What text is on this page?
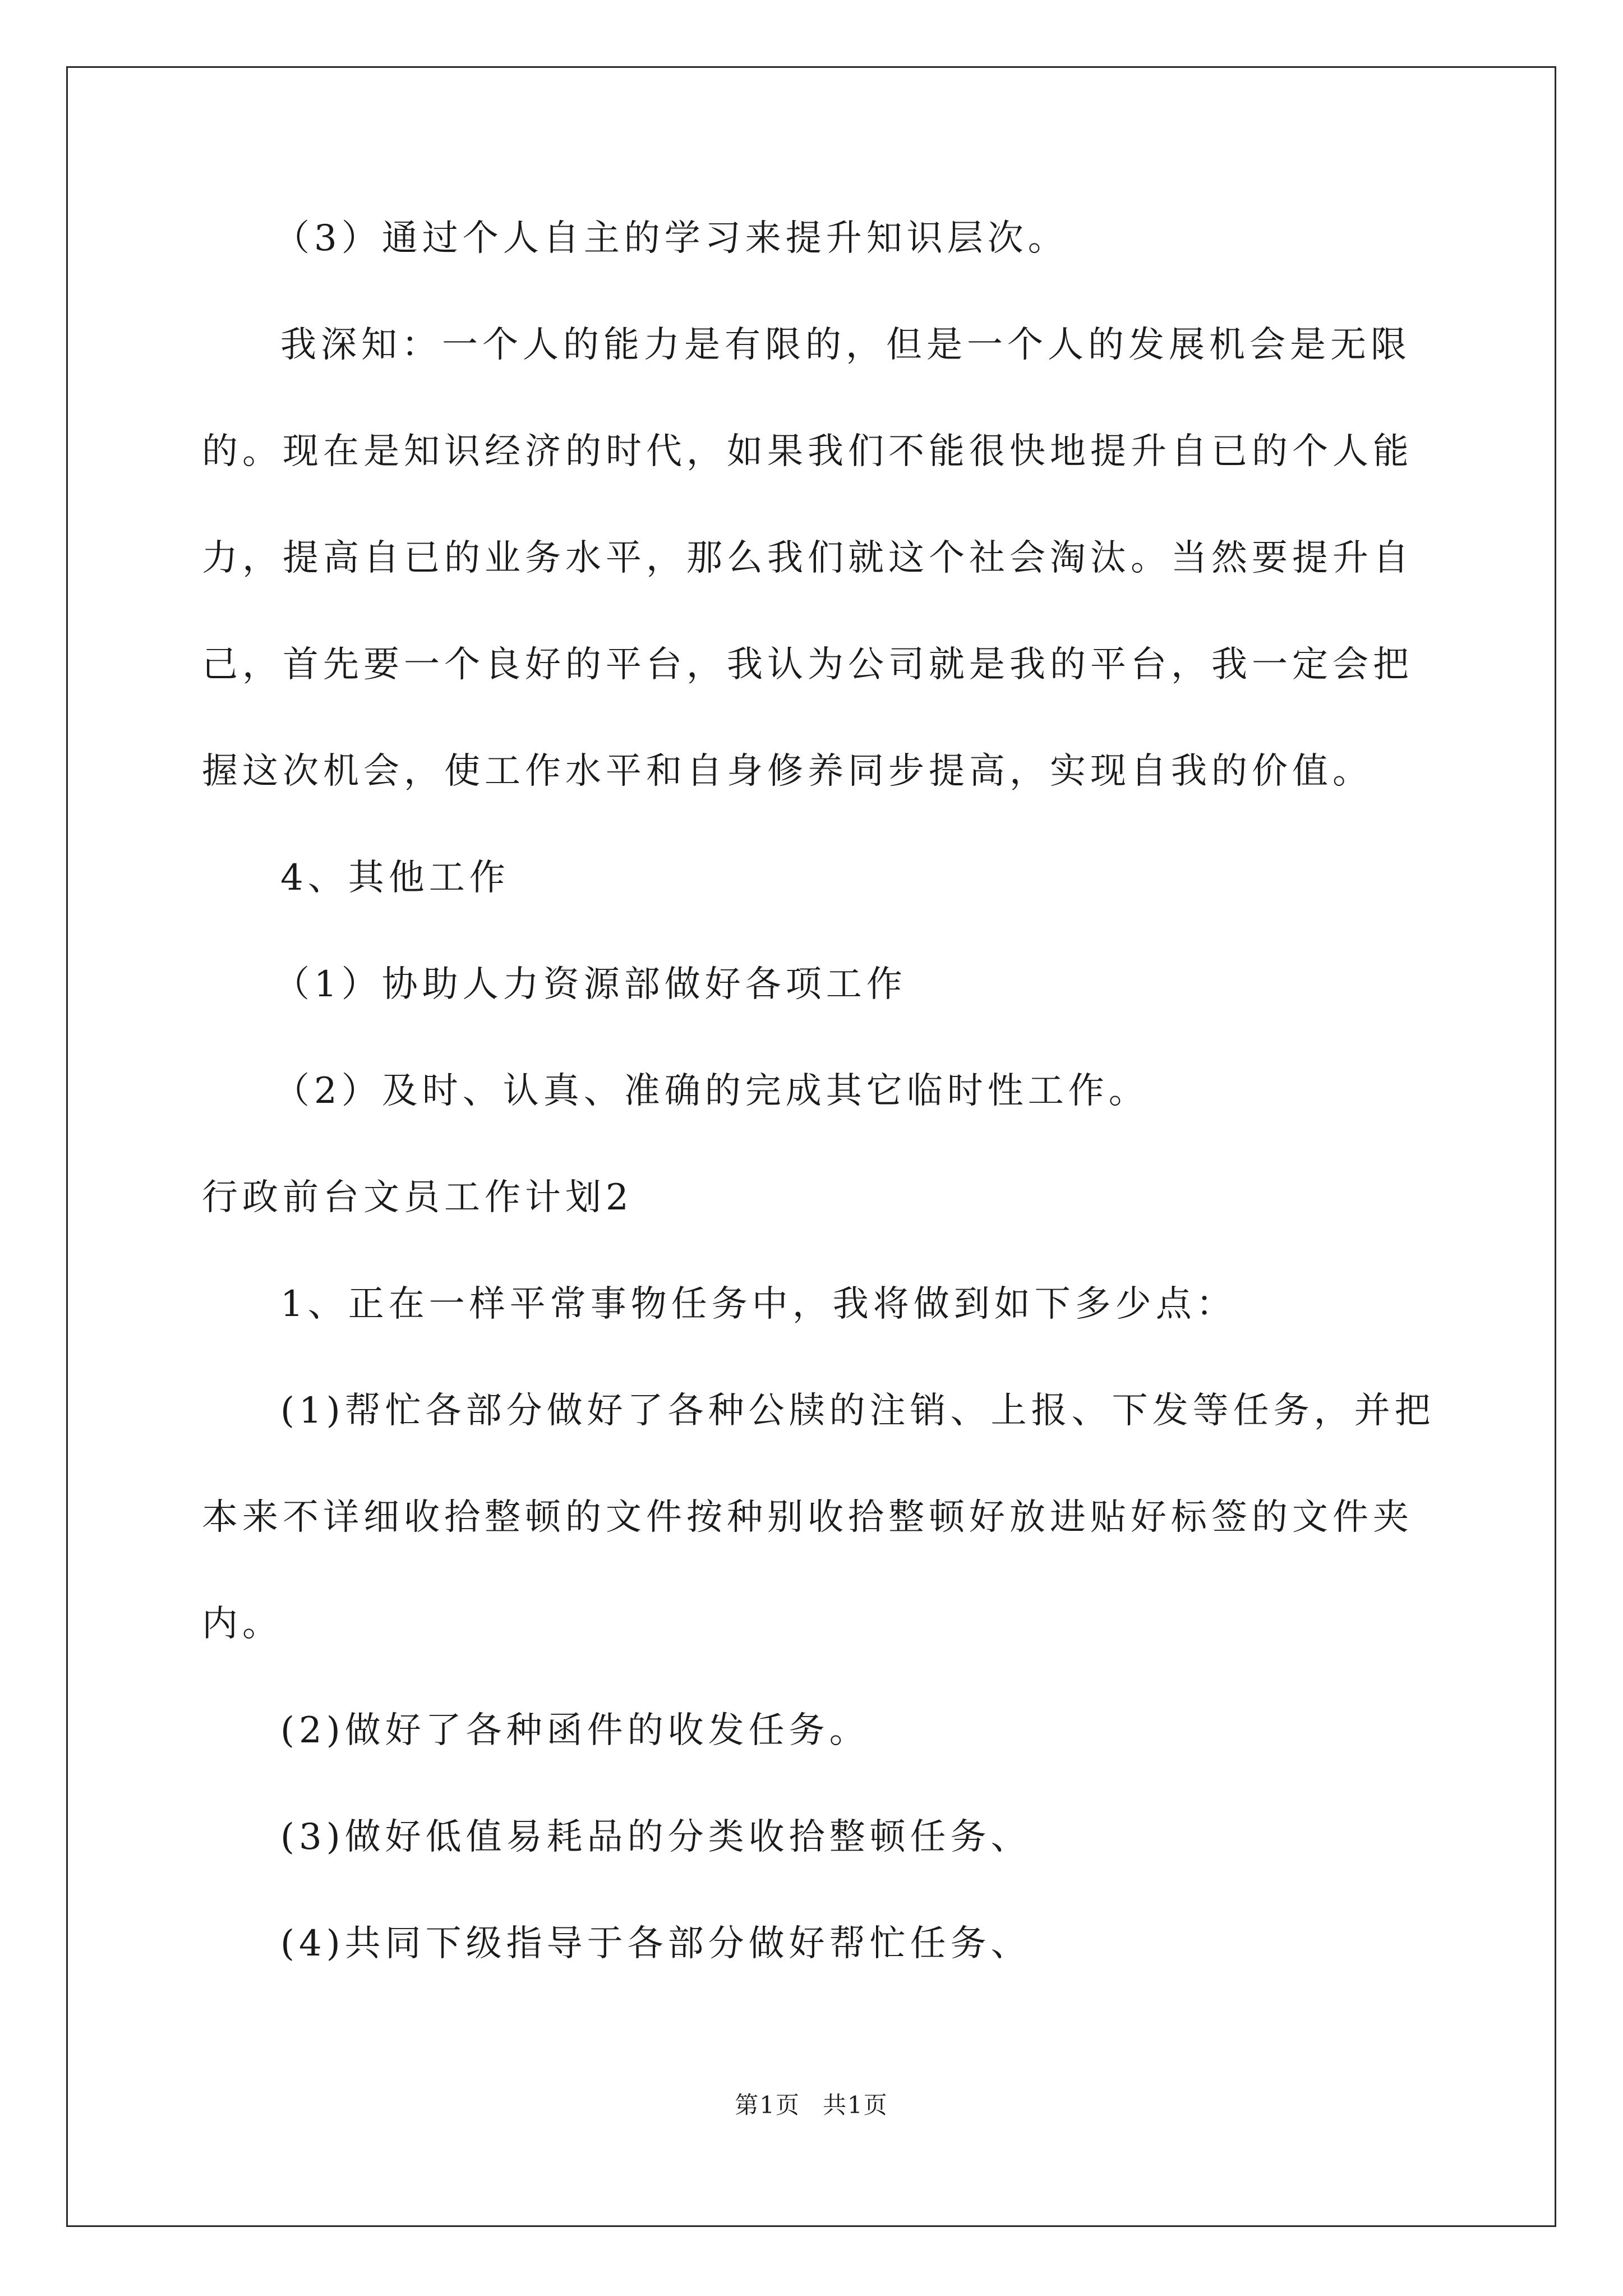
（3）通过个人自主的学习来提升知识层次。
我深知：一个人的能力是有限的，但是一个人的发展机会是无限
的。现在是知识经济的时代，如果我们不能很快地提升自已的个人能
力，提高自已的业务水平，那么我们就这个社会淘汰。当然要提升自
己，首先要一个良好的平台，我认为公司就是我的平台，我一定会把
握这次机会，使工作水平和自身修养同步提高，实现自我的价值。
4、其他工作
（1）协助人力资源部做好各项工作
（2）及时、认真、准确的完成其它临时性工作。
行政前台文员工作计划2
1、正在一样平常事物任务中，我将做到如下多少点：
(1)帮忙各部分做好了各种公牍的注销、上报、下发等任务，并把
本来不详细收拾整顿的文件按种别收拾整顿好放进贴好标签的文件夹
内。
(2)做好了各种函件的收发任务。
(3)做好低值易耗品的分类收拾整顿任务、
(4)共同下级指导于各部分做好帮忙任务、
第1页 共1页
